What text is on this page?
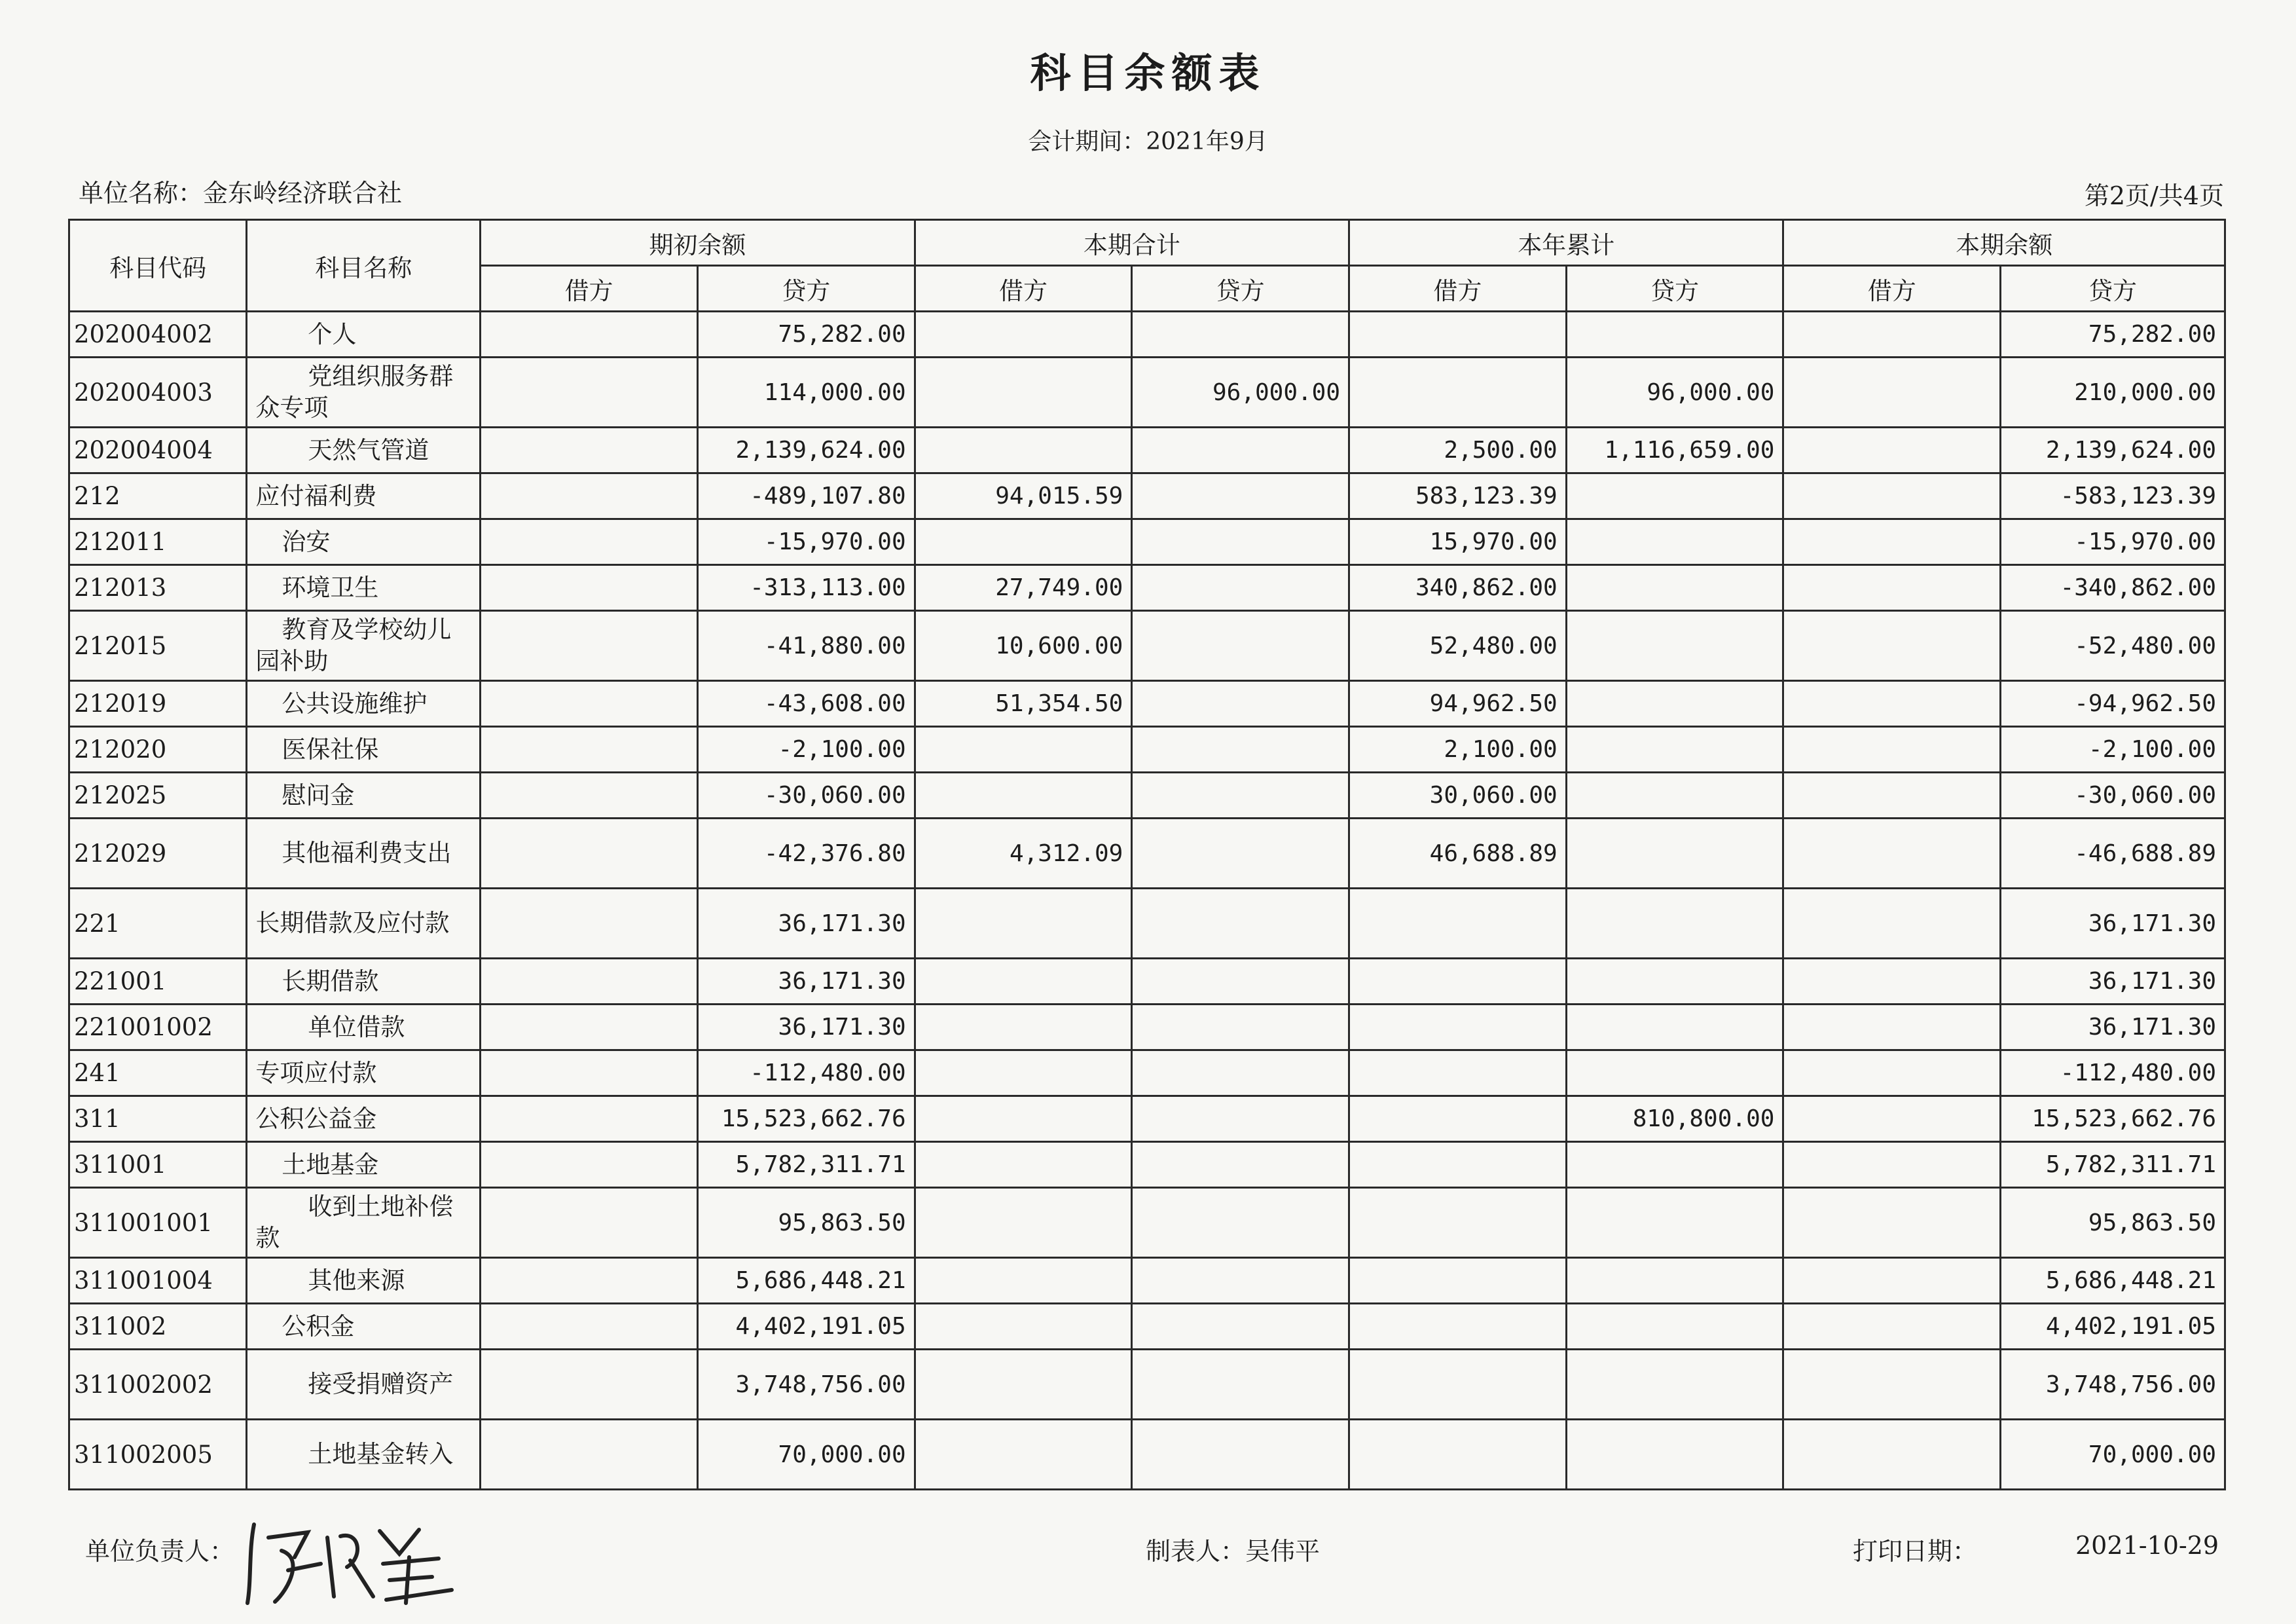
科目余额表
会计期间：2021年9月
单位名称：金东岭经济联合社	第2页/共4页
科目代码	科目名称	期初余额		本期合计		本年累计		本期余额	
		借方	贷方	借方	贷方	借方	贷方	借方	贷方
202004002	个人		75,282.00						75,282.00
202004003	党组织服务群众专项		114,000.00		96,000.00		96,000.00		210,000.00
202004004	天然气管道		2,139,624.00			2,500.00	1,116,659.00		2,139,624.00
212	应付福利费		-489,107.80	94,015.59		583,123.39			-583,123.39
212011	治安		-15,970.00			15,970.00			-15,970.00
212013	环境卫生		-313,113.00	27,749.00		340,862.00			-340,862.00
212015	教育及学校幼儿园补助		-41,880.00	10,600.00		52,480.00			-52,480.00
212019	公共设施维护		-43,608.00	51,354.50		94,962.50			-94,962.50
212020	医保社保		-2,100.00			2,100.00			-2,100.00
212025	慰问金		-30,060.00			30,060.00			-30,060.00
212029	其他福利费支出		-42,376.80	4,312.09		46,688.89			-46,688.89
221	长期借款及应付款		36,171.30						36,171.30
221001	长期借款		36,171.30						36,171.30
221001002	单位借款		36,171.30						36,171.30
241	专项应付款		-112,480.00						-112,480.00
311	公积公益金		15,523,662.76				810,800.00		15,523,662.76
311001	土地基金		5,782,311.71						5,782,311.71
311001001	收到土地补偿款		95,863.50						95,863.50
311001004	其他来源		5,686,448.21						5,686,448.21
311002	公积金		4,402,191.05						4,402,191.05
311002002	接受捐赠资产		3,748,756.00						3,748,756.00
311002005	土地基金转入		70,000.00						70,000.00
单位负责人：	制表人：吴伟平	打印日期：	2021-10-29
